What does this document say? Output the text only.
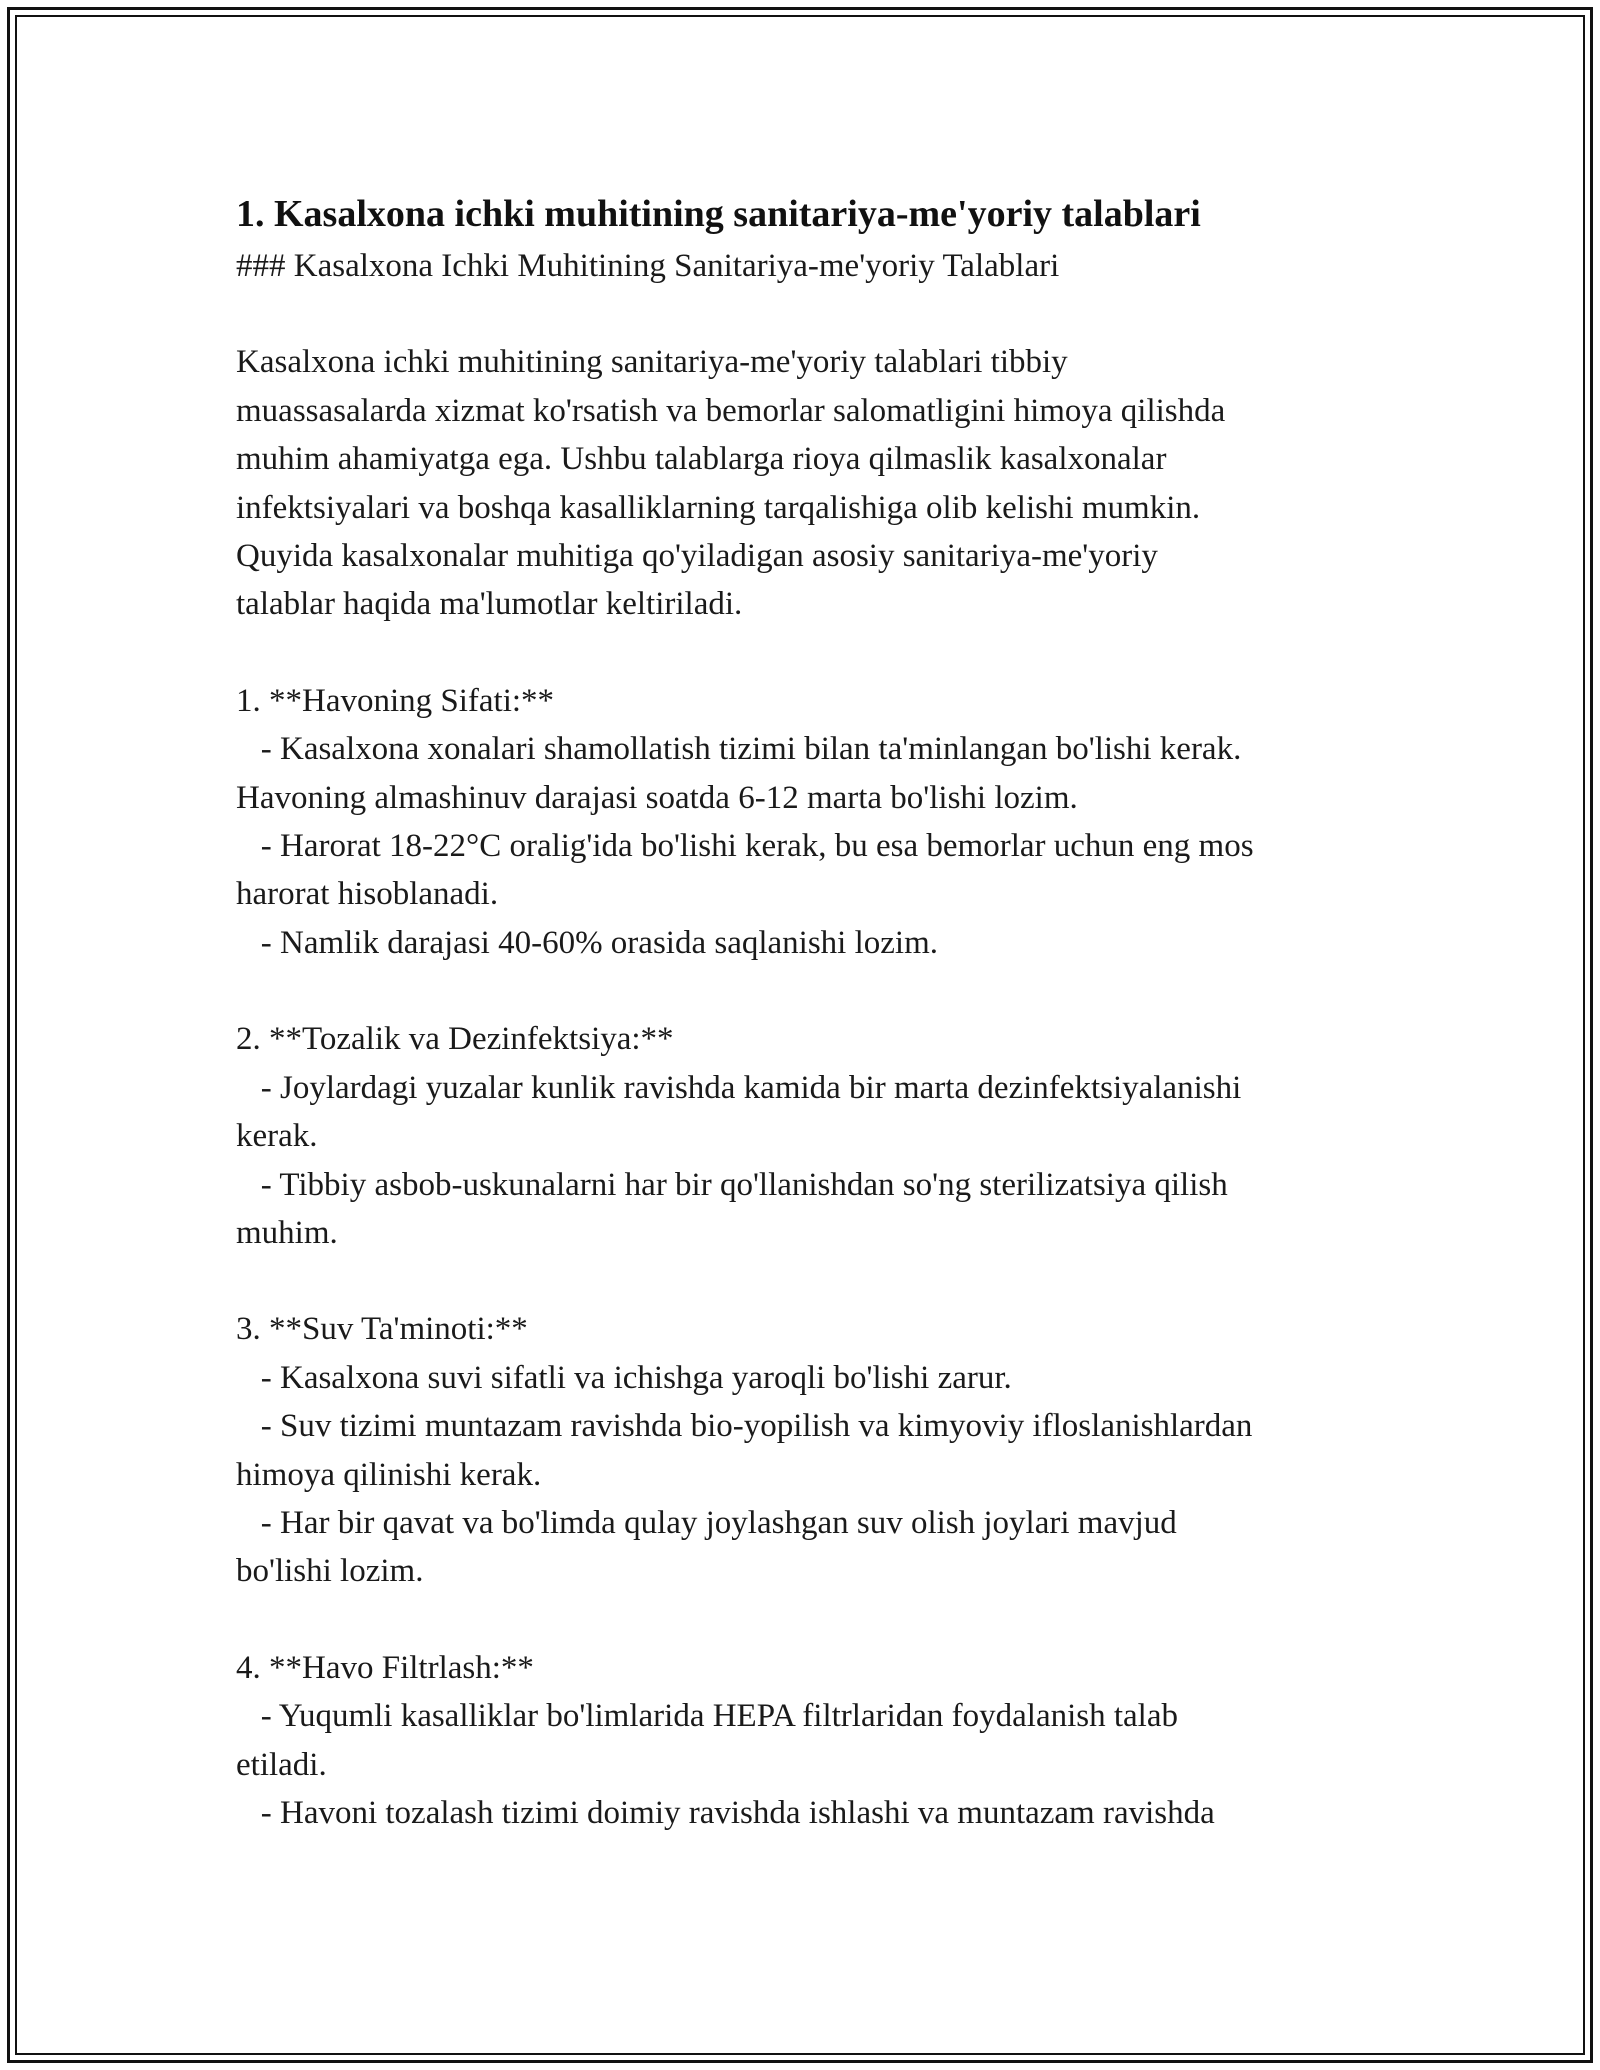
1. Kasalxona ichki muhitining sanitariya-me'yoriy talablari

### Kasalxona Ichki Muhitining Sanitariya-me'yoriy Talablari

Kasalxona ichki muhitining sanitariya-me'yoriy talablari tibbiy
muassasalarda xizmat ko'rsatish va bemorlar salomatligini himoya qilishda
muhim ahamiyatga ega. Ushbu talablarga rioya qilmaslik kasalxonalar
infektsiyalari va boshqa kasalliklarning tarqalishiga olib kelishi mumkin.
Quyida kasalxonalar muhitiga qo'yiladigan asosiy sanitariya-me'yoriy
talablar haqida ma'lumotlar keltiriladi.
1. **Havoning Sifati:**
- Kasalxona xonalari shamollatish tizimi bilan ta'minlangan bo'lishi kerak.
Havoning almashinuv darajasi soatda 6-12 marta bo'lishi lozim.
- Harorat 18-22°C oralig'ida bo'lishi kerak, bu esa bemorlar uchun eng mos
harorat hisoblanadi.
- Namlik darajasi 40-60% orasida saqlanishi lozim.
2. **Tozalik va Dezinfektsiya:**
- Joylardagi yuzalar kunlik ravishda kamida bir marta dezinfektsiyalanishi
kerak.
- Tibbiy asbob-uskunalarni har bir qo'llanishdan so'ng sterilizatsiya qilish
muhim.
3. **Suv Ta'minoti:**
- Kasalxona suvi sifatli va ichishga yaroqli bo'lishi zarur.
- Suv tizimi muntazam ravishda bio-yopilish va kimyoviy ifloslanishlardan
himoya qilinishi kerak.
- Har bir qavat va bo'limda qulay joylashgan suv olish joylari mavjud
bo'lishi lozim.
4. **Havo Filtrlash:**
- Yuqumli kasalliklar bo'limlarida HEPA filtrlaridan foydalanish talab
etiladi.
- Havoni tozalash tizimi doimiy ravishda ishlashi va muntazam ravishda
